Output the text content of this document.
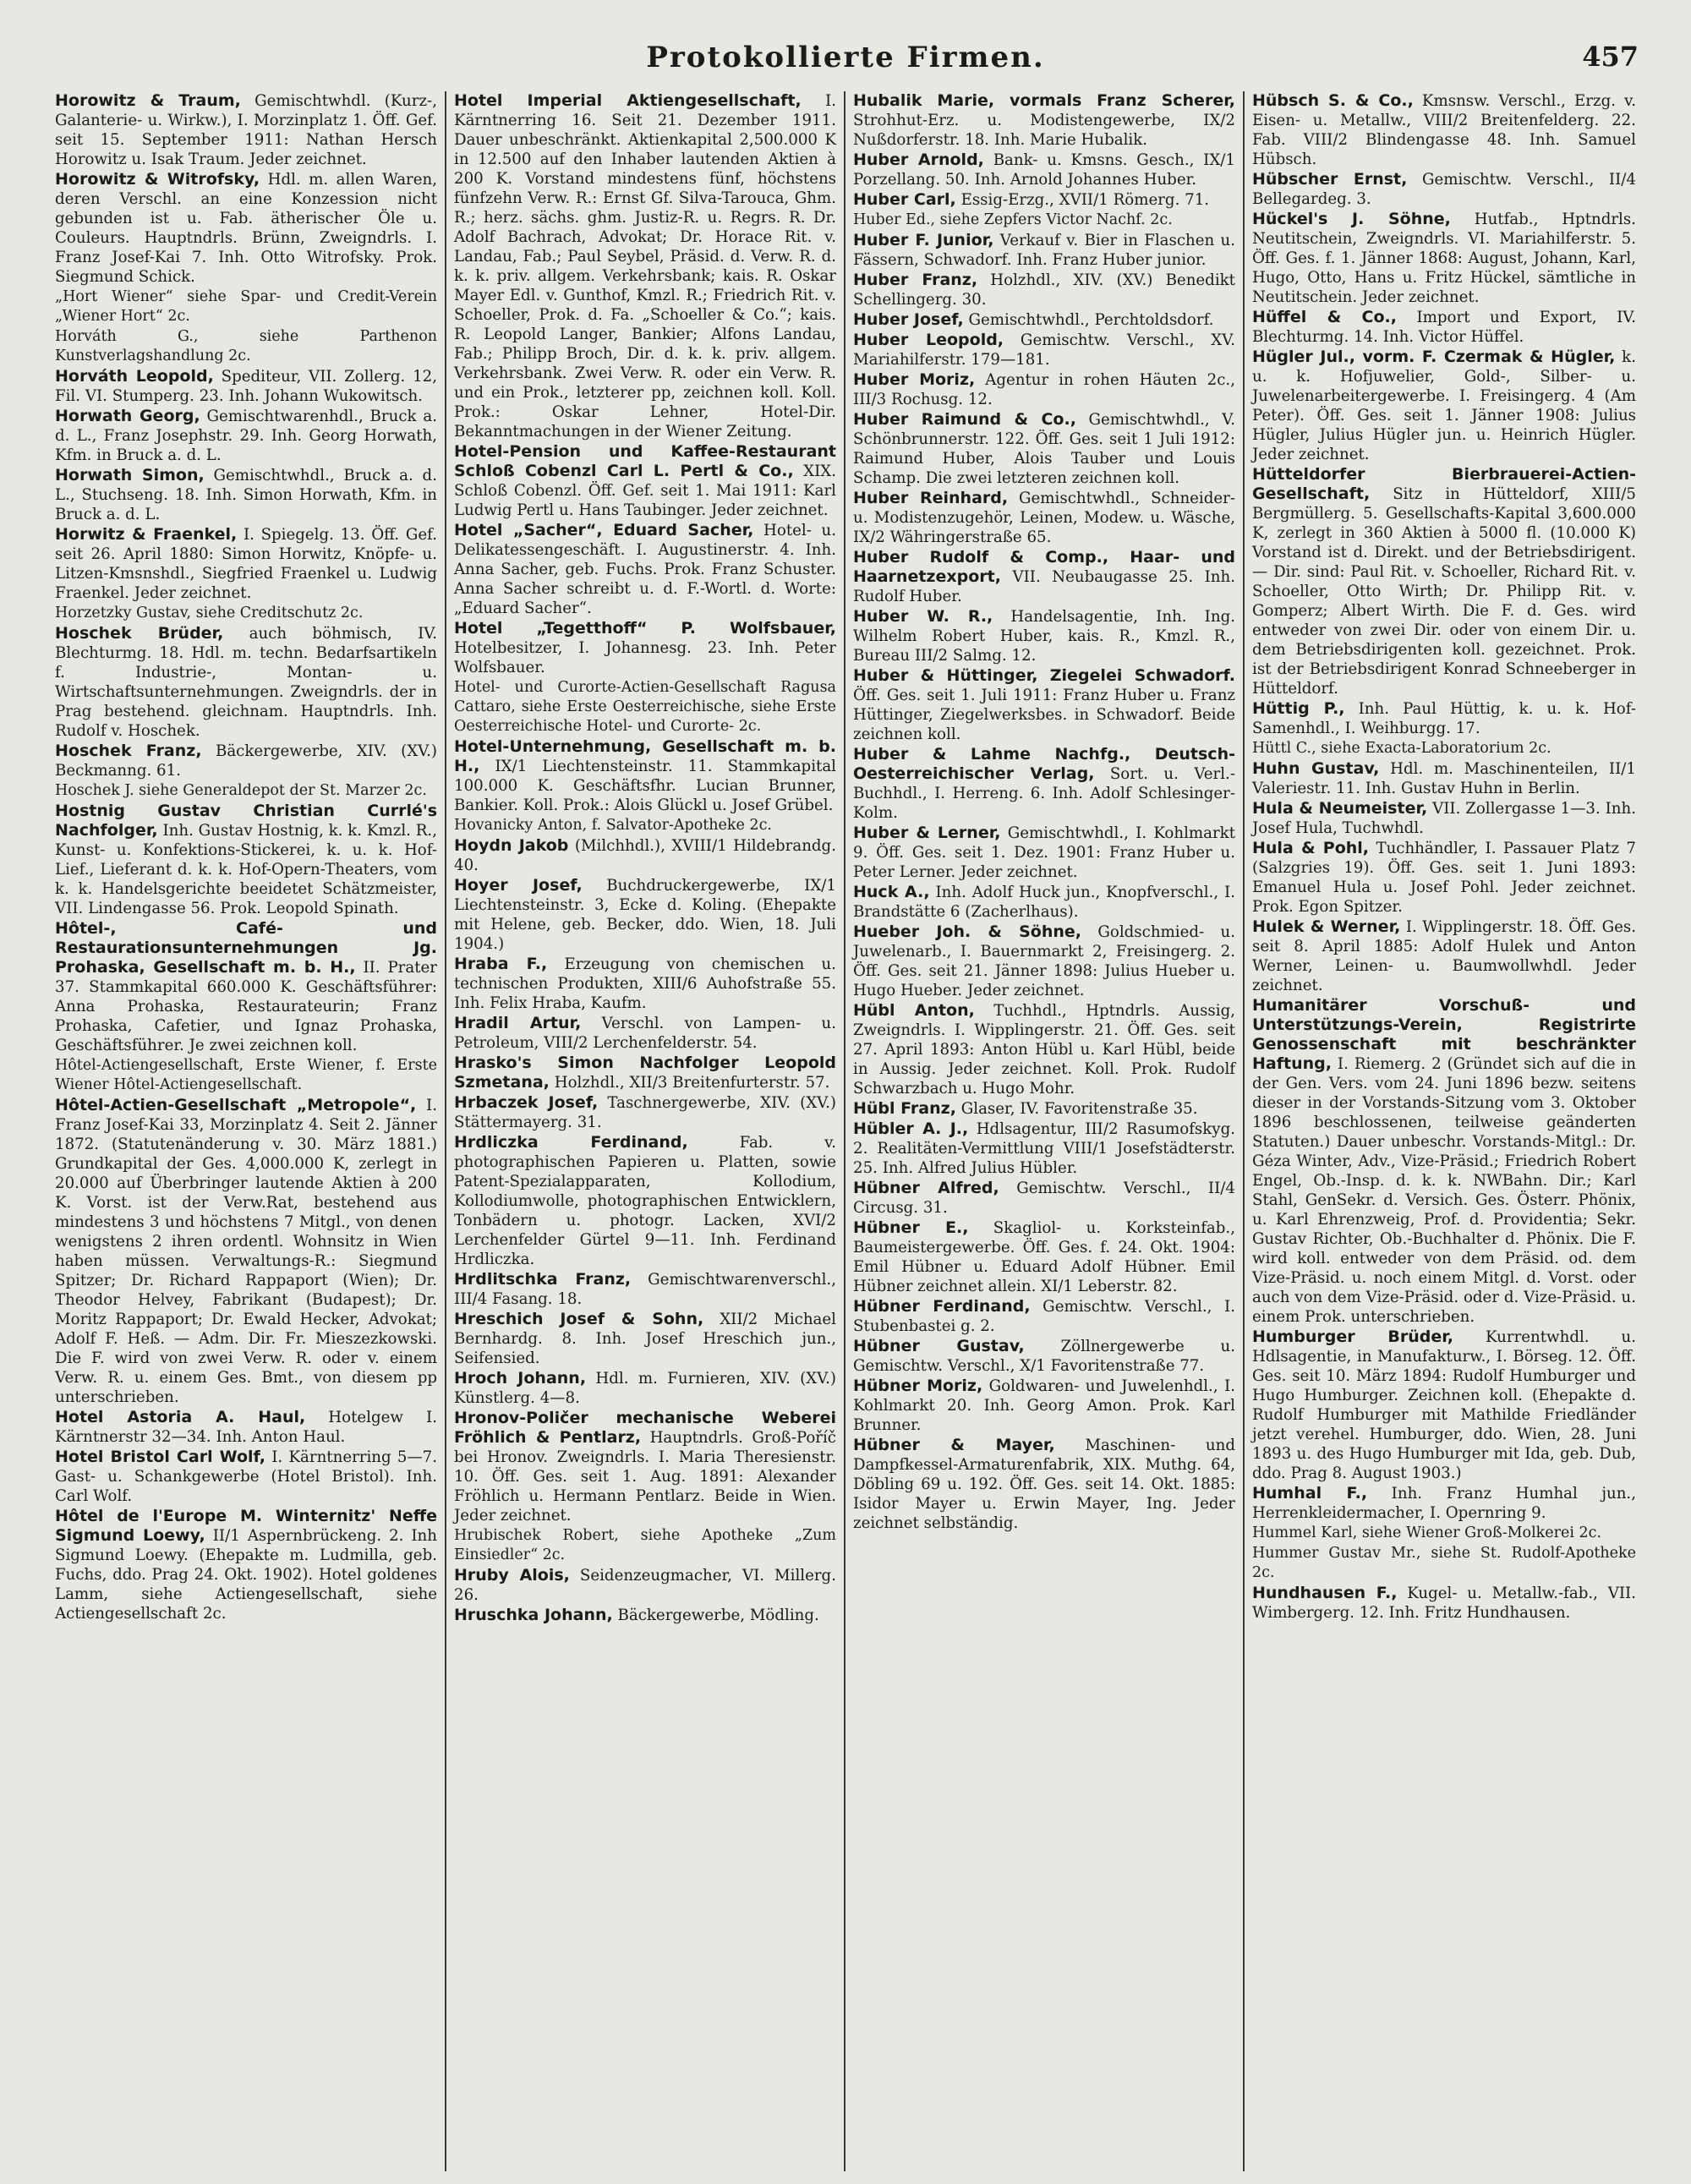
Protokollierte Firmen.	457
Horowitz & Traum, Gemischtwhdl. (Kurz-, Galanterie- u. Wirkw.), I. Morzinplatz 1. Öff. Gef. seit 15. September 1911: Nathan Hersch Horowitz u. Isak Traum. Jeder zeichnet.
Horowitz & Witrofsky, Hdl. m. allen Waren, deren Verschl. an eine Konzession nicht gebunden ist u. Fab. ätherischer Öle u. Couleurs. Hauptndrls. Brünn, Zweigndrls. I. Franz Josef-Kai 7. Inh. Otto Witrofsky. Prok. Siegmund Schick.
„Hort Wiener“ siehe Spar- und Credit-Verein „Wiener Hort“ 2c.
Horváth G., siehe Parthenon Kunstverlagshandlung 2c.
Horváth Leopold, Spediteur, VII. Zollerg. 12, Fil. VI. Stumperg. 23. Inh. Johann Wukowitsch.
Horwath Georg, Gemischtwarenhdl., Bruck a. d. L., Franz Josephstr. 29. Inh. Georg Horwath, Kfm. in Bruck a. d. L.
Horwath Simon, Gemischtwhdl., Bruck a. d. L., Stuchseng. 18. Inh. Simon Horwath, Kfm. in Bruck a. d. L.
Horwitz & Fraenkel, I. Spiegelg. 13. Öff. Gef. seit 26. April 1880: Simon Horwitz, Knöpfe- u. Litzen-Kmsnshdl., Siegfried Fraenkel u. Ludwig Fraenkel. Jeder zeichnet.
Horzetzky Gustav, siehe Creditschutz 2c.
Hoschek Brüder, auch böhmisch, IV. Blechturmg. 18. Hdl. m. techn. Bedarfsartikeln f. Industrie-, Montan- u. Wirtschaftsunternehmungen. Zweigndrls. der in Prag bestehend. gleichnam. Hauptndrls. Inh. Rudolf v. Hoschek.
Hoschek Franz, Bäckergewerbe, XIV. (XV.) Beckmanng. 61.
Hoschek J. siehe Generaldepot der St. Marzer 2c.
Hostnig Gustav Christian Currlé's Nachfolger, Inh. Gustav Hostnig, k. k. Kmzl. R., Kunst- u. Konfektions-Stickerei, k. u. k. Hof-Lief., Lieferant d. k. k. Hof-Opern-Theaters, vom k. k. Handelsgerichte beeidetet Schätzmeister, VII. Lindengasse 56. Prok. Leopold Spinath.
Hôtel-, Café- und Restaurationsunternehmungen Jg. Prohaska, Gesellschaft m. b. H., II. Prater 37. Stammkapital 660.000 K. Geschäftsführer: Anna Prohaska, Restaurateurin; Franz Prohaska, Cafetier, und Ignaz Prohaska, Geschäftsführer. Je zwei zeichnen koll.
Hôtel-Actiengesellschaft, Erste Wiener, f. Erste Wiener Hôtel-Actiengesellschaft.
Hôtel-Actien-Gesellschaft „Metropole“, I. Franz Josef-Kai 33, Morzinplatz 4. Seit 2. Jänner 1872. (Statutenänderung v. 30. März 1881.) Grundkapital der Ges. 4,000.000 K, zerlegt in 20.000 auf Überbringer lautende Aktien à 200 K. Vorst. ist der Verw.Rat, bestehend aus mindestens 3 und höchstens 7 Mitgl., von denen wenigstens 2 ihren ordentl. Wohnsitz in Wien haben müssen. Verwaltungs-R.: Siegmund Spitzer; Dr. Richard Rappaport (Wien); Dr. Theodor Helvey, Fabrikant (Budapest); Dr. Moritz Rappaport; Dr. Ewald Hecker, Advokat; Adolf F. Heß. — Adm. Dir. Fr. Mieszezkowski. Die F. wird von zwei Verw. R. oder v. einem Verw. R. u. einem Ges. Bmt., von diesem pp unterschrieben.
Hotel Astoria A. Haul, Hotelgew I. Kärntnerstr 32—34. Inh. Anton Haul.
Hotel Bristol Carl Wolf, I. Kärntnerring 5—7. Gast- u. Schankgewerbe (Hotel Bristol). Inh. Carl Wolf.
Hôtel de l'Europe M. Winternitz' Neffe Sigmund Loewy, II/1 Aspernbrückeng. 2. Inh Sigmund Loewy. (Ehepakte m. Ludmilla, geb. Fuchs, ddo. Prag 24. Okt. 1902). Hotel goldenes Lamm, siehe Actiengesellschaft, siehe Actiengesellschaft 2c.
Hotel Imperial Aktiengesellschaft, I. Kärntnerring 16. Seit 21. Dezember 1911. Dauer unbeschränkt. Aktienkapital 2,500.000 K in 12.500 auf den Inhaber lautenden Aktien à 200 K. Vorstand mindestens fünf, höchstens fünfzehn Verw. R.: Ernst Gf. Silva-Tarouca, Ghm. R.; herz. sächs. ghm. Justiz-R. u. Regrs. R. Dr. Adolf Bachrach, Advokat; Dr. Horace Rit. v. Landau, Fab.; Paul Seybel, Präsid. d. Verw. R. d. k. k. priv. allgem. Verkehrsbank; kais. R. Oskar Mayer Edl. v. Gunthof, Kmzl. R.; Friedrich Rit. v. Schoeller, Prok. d. Fa. „Schoeller & Co.“; kais. R. Leopold Langer, Bankier; Alfons Landau, Fab.; Philipp Broch, Dir. d. k. k. priv. allgem. Verkehrsbank. Zwei Verw. R. oder ein Verw. R. und ein Prok., letzterer pp, zeichnen koll. Koll. Prok.: Oskar Lehner, Hotel-Dir. Bekanntmachungen in der Wiener Zeitung.
Hotel-Pension und Kaffee-Restaurant Schloß Cobenzl Carl L. Pertl & Co., XIX. Schloß Cobenzl. Öff. Gef. seit 1. Mai 1911: Karl Ludwig Pertl u. Hans Taubinger. Jeder zeichnet.
Hotel „Sacher“, Eduard Sacher, Hotel- u. Delikatessengeschäft. I. Augustinerstr. 4. Inh. Anna Sacher, geb. Fuchs. Prok. Franz Schuster. Anna Sacher schreibt u. d. F.-Wortl. d. Worte: „Eduard Sacher“.
Hotel „Tegetthoff“ P. Wolfsbauer, Hotelbesitzer, I. Johannesg. 23. Inh. Peter Wolfsbauer.
Hotel- und Curorte-Actien-Gesellschaft Ragusa Cattaro, siehe Erste Oesterreichische, siehe Erste Oesterreichische Hotel- und Curorte- 2c.
Hotel-Unternehmung, Gesellschaft m. b. H., IX/1 Liechtensteinstr. 11. Stammkapital 100.000 K. Geschäftsfhr. Lucian Brunner, Bankier. Koll. Prok.: Alois Glückl u. Josef Grübel.
Hovanicky Anton, f. Salvator-Apotheke 2c.
Hoydn Jakob (Milchhdl.), XVIII/1 Hildebrandg. 40.
Hoyer Josef, Buchdruckergewerbe, IX/1 Liechtensteinstr. 3, Ecke d. Koling. (Ehepakte mit Helene, geb. Becker, ddo. Wien, 18. Juli 1904.)
Hraba F., Erzeugung von chemischen u. technischen Produkten, XIII/6 Auhofstraße 55. Inh. Felix Hraba, Kaufm.
Hradil Artur, Verschl. von Lampen- u. Petroleum, VIII/2 Lerchenfelderstr. 54.
Hrasko's Simon Nachfolger Leopold Szmetana, Holzhdl., XII/3 Breitenfurterstr. 57.
Hrbaczek Josef, Taschnergewerbe, XIV. (XV.) Stättermayerg. 31.
Hrdliczka Ferdinand,	Fab. v. photographischen Papieren u. Platten, sowie Patent-Spezialapparaten, Kollodium, Kollodiumwolle, photographischen Entwicklern, Tonbädern u. photogr. Lacken, XVI/2 Lerchenfelder Gürtel 9—11. Inh. Ferdinand Hrdliczka.
Hrdlitschka Franz, Gemischtwarenverschl., III/4 Fasang. 18.
Hreschich Josef & Sohn, XII/2 Michael Bernhardg. 8. Inh. Josef Hreschich jun., Seifensied.
Hroch Johann, Hdl. m. Furnieren, XIV. (XV.) Künstlerg. 4—8.
Hronov-Poličer mechanische Weberei Fröhlich & Pentlarz, Hauptndrls. Groß-Poříč bei Hronov. Zweigndrls. I. Maria Theresienstr. 10. Öff. Ges. seit 1. Aug. 1891: Alexander Fröhlich u. Hermann Pentlarz. Beide in Wien. Jeder zeichnet.
Hrubischek Robert, siehe Apotheke „Zum Einsiedler“ 2c.
Hruby Alois, Seidenzeugmacher, VI. Millerg. 26.
Hruschka Johann, Bäckergewerbe, Mödling.
Hubalik Marie, vormals Franz Scherer, Strohhut-Erz. u. Modistengewerbe, IX/2 Nußdorferstr. 18. Inh. Marie Hubalik.
Huber Arnold, Bank- u. Kmsns. Gesch., IX/1 Porzellang. 50. Inh. Arnold Johannes Huber.
Huber Carl, Essig-Erzg., XVII/1 Römerg. 71.
Huber Ed., siehe Zepfers Victor Nachf. 2c.
Huber F. Junior, Verkauf v. Bier in Flaschen u. Fässern, Schwadorf. Inh. Franz Huber junior.
Huber Franz, Holzhdl., XIV. (XV.) Benedikt Schellingerg. 30.
Huber Josef, Gemischtwhdl., Perchtoldsdorf.
Huber Leopold, Gemischtw. Verschl., XV. Mariahilferstr. 179—181.
Huber Moriz, Agentur in rohen Häuten 2c., III/3 Rochusg. 12.
Huber Raimund & Co., Gemischtwhdl., V. Schönbrunnerstr. 122. Öff. Ges. seit 1 Juli 1912: Raimund Huber, Alois Tauber und Louis Schamp. Die zwei letzteren zeichnen koll.
Huber Reinhard, Gemischtwhdl., Schneider- u. Modistenzugehör, Leinen, Modew. u. Wäsche, IX/2 Währingerstraße 65.
Huber Rudolf & Comp., Haar- und Haarnetzexport, VII. Neubaugasse 25. Inh. Rudolf Huber.
Huber W. R., Handelsagentie, Inh. Ing. Wilhelm Robert Huber, kais. R., Kmzl. R., Bureau III/2 Salmg. 12.
Huber & Hüttinger, Ziegelei Schwadorf. Öff. Ges. seit 1. Juli 1911: Franz Huber u. Franz Hüttinger, Ziegelwerksbes. in Schwadorf. Beide zeichnen koll.
Huber & Lahme Nachfg., Deutsch-Oesterreichischer Verlag, Sort. u. Verl.-Buchhdl., I. Herreng. 6. Inh. Adolf Schlesinger-Kolm.
Huber & Lerner, Gemischtwhdl., I. Kohlmarkt 9. Öff. Ges. seit 1. Dez. 1901: Franz Huber u. Peter Lerner. Jeder zeichnet.
Huck A., Inh. Adolf Huck jun., Knopfverschl., I. Brandstätte 6 (Zacherlhaus).
Hueber Joh. & Söhne, Goldschmied- u. Juwelenarb., I. Bauernmarkt 2, Freisingerg. 2. Öff. Ges. seit 21. Jänner 1898: Julius Hueber u. Hugo Hueber. Jeder zeichnet.
Hübl Anton, Tuchhdl., Hptndrls. Aussig, Zweigndrls. I. Wipplingerstr. 21. Öff. Ges. seit 27. April 1893: Anton Hübl u. Karl Hübl, beide in Aussig. Jeder zeichnet. Koll. Prok. Rudolf Schwarzbach u. Hugo Mohr.
Hübl Franz, Glaser, IV. Favoritenstraße 35.
Hübler A. J., Hdlsagentur, III/2 Rasumofskyg. 2. Realitäten-Vermittlung VIII/1 Josefstädterstr. 25. Inh. Alfred Julius Hübler.
Hübner Alfred, Gemischtw. Verschl., II/4 Circusg. 31.
Hübner E., Skagliol- u. Korksteinfab., Baumeistergewerbe. Öff. Ges. f. 24. Okt. 1904: Emil Hübner u. Eduard Adolf Hübner. Emil Hübner zeichnet allein. XI/1 Leberstr. 82.
Hübner Ferdinand, Gemischtw. Verschl., I. Stubenbastei g. 2.
Hübner Gustav, Zöllnergewerbe u. Gemischtw. Verschl., X/1 Favoritenstraße 77.
Hübner Moriz, Goldwaren- und Juwelenhdl., I. Kohlmarkt 20. Inh. Georg Amon. Prok. Karl Brunner.
Hübner & Mayer, Maschinen- und Dampfkessel-Armaturenfabrik, XIX. Muthg. 64, Döbling 69 u. 192. Öff. Ges. seit 14. Okt. 1885: Isidor Mayer u. Erwin Mayer, Ing. Jeder zeichnet selbständig.
Hübsch S. & Co., Kmsnsw. Verschl., Erzg. v. Eisen- u. Metallw., VIII/2 Breitenfelderg. 22. Fab. VIII/2 Blindengasse 48. Inh. Samuel Hübsch.
Hübscher Ernst, Gemischtw. Verschl., II/4 Bellegardeg. 3.
Hückel's J. Söhne, Hutfab., Hptndrls. Neutitschein, Zweigndrls. VI. Mariahilferstr. 5. Öff. Ges. f. 1. Jänner 1868: August, Johann, Karl, Hugo, Otto, Hans u. Fritz Hückel, sämtliche in Neutitschein. Jeder zeichnet.
Hüffel & Co., Import und Export, IV. Blechturmg. 14. Inh. Victor Hüffel.
Hügler Jul., vorm. F. Czermak & Hügler, k. u. k. Hofjuwelier, Gold-, Silber- u. Juwelenarbeitergewerbe. I. Freisingerg. 4 (Am Peter). Öff. Ges. seit 1. Jänner 1908: Julius Hügler, Julius Hügler jun. u. Heinrich Hügler. Jeder zeichnet.
Hütteldorfer Bierbrauerei-Actien-Gesellschaft, Sitz in Hütteldorf, XIII/5 Bergmüllerg. 5. Gesellschafts-Kapital 3,600.000 K, zerlegt in 360 Aktien à 5000 fl. (10.000 K) Vorstand ist d. Direkt. und der Betriebsdirigent. — Dir. sind: Paul Rit. v. Schoeller, Richard Rit. v. Schoeller, Otto Wirth; Dr. Philipp Rit. v. Gomperz; Albert Wirth. Die F. d. Ges. wird entweder von zwei Dir. oder von einem Dir. u. dem Betriebsdirigenten koll. gezeichnet. Prok. ist der Betriebsdirigent Konrad Schneeberger in Hütteldorf.
Hüttig P., Inh. Paul Hüttig, k. u. k. Hof-Samenhdl., I. Weihburgg. 17.
Hüttl C., siehe Exacta-Laboratorium 2c.
Huhn Gustav, Hdl. m. Maschinenteilen, II/1 Valeriestr. 11. Inh. Gustav Huhn in Berlin.
Hula & Neumeister, VII. Zollergasse 1—3. Inh. Josef Hula, Tuchwhdl.
Hula & Pohl, Tuchhändler, I. Passauer Platz 7 (Salzgries 19). Öff. Ges. seit 1. Juni 1893: Emanuel Hula u. Josef Pohl. Jeder zeichnet. Prok. Egon Spitzer.
Hulek & Werner, I. Wipplingerstr. 18. Öff. Ges. seit 8. April 1885: Adolf Hulek und Anton Werner, Leinen- u. Baumwollwhdl. Jeder zeichnet.
Humanitärer Vorschuß- und Unterstützungs-Verein, Registrirte Genossenschaft mit beschränkter Haftung, I. Riemerg. 2 (Gründet sich auf die in der Gen. Vers. vom 24. Juni 1896 bezw. seitens dieser in der Vorstands-Sitzung vom 3. Oktober 1896 beschlossenen, teilweise geänderten Statuten.) Dauer unbeschr. Vorstands-Mitgl.: Dr. Géza Winter, Adv., Vize-Präsid.; Friedrich Robert Engel, Ob.-Insp. d. k. k. NWBahn. Dir.; Karl Stahl, GenSekr. d. Versich. Ges. Österr. Phönix, u. Karl Ehrenzweig, Prof. d. Providentia; Sekr. Gustav Richter, Ob.-Buchhalter d. Phönix. Die F. wird koll. entweder von dem Präsid. od. dem Vize-Präsid. u. noch einem Mitgl. d. Vorst. oder auch von dem Vize-Präsid. oder d. Vize-Präsid. u. einem Prok. unterschrieben.
Humburger Brüder, Kurrentwhdl. u. Hdlsagentie, in Manufakturw., I. Börseg. 12. Öff. Ges. seit 10. März 1894: Rudolf Humburger und Hugo Humburger. Zeichnen koll. (Ehepakte d. Rudolf Humburger mit Mathilde Friedländer jetzt verehel. Humburger, ddo. Wien, 28. Juni 1893 u. des Hugo Humburger mit Ida, geb. Dub, ddo. Prag 8. August 1903.)
Humhal F., Inh. Franz Humhal jun., Herrenkleidermacher, I. Opernring 9.
Hummel Karl, siehe Wiener Groß-Molkerei 2c.
Hummer Gustav Mr., siehe St. Rudolf-Apotheke 2c.
Hundhausen F., Kugel- u. Metallw.-fab., VII. Wimbergerg. 12. Inh. Fritz Hundhausen.
